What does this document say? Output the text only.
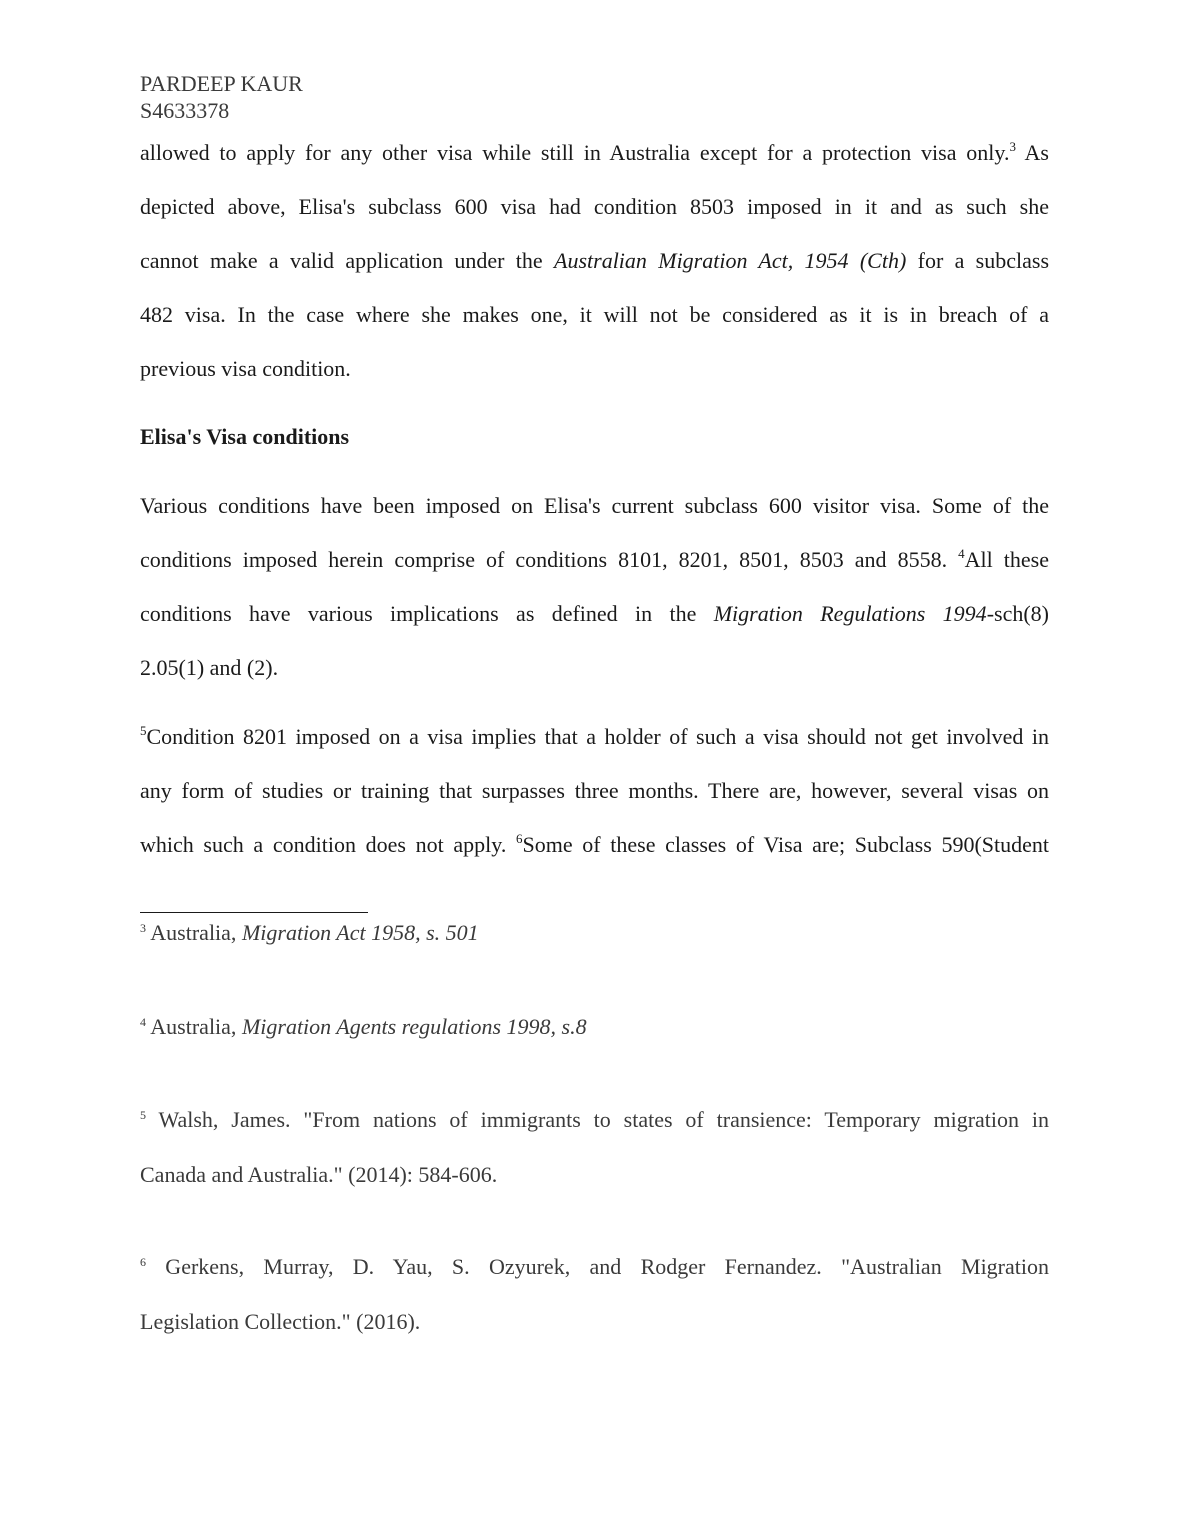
PARDEEP KAUR
S4633378
allowed to apply for any other visa while still in Australia except for a protection visa only.$^3$ As
depicted above, Elisa's subclass 600 visa had condition 8503 imposed in it and as such she
cannot make a valid application under the Australian Migration Act, 1954 (Cth) for a subclass
482 visa. In the case where she makes one, it will not be considered as it is in breach of a
previous visa condition.
Elisa's Visa conditions
Various conditions have been imposed on Elisa's current subclass 600 visitor visa. Some of the
conditions imposed herein comprise of conditions 8101, 8201, 8501, 8503 and 8558. $^4$All these
conditions have various implications as defined in the Migration Regulations 1994-sch(8)
2.05(1) and (2).
$^5$Condition 8201 imposed on a visa implies that a holder of such a visa should not get involved in
any form of studies or training that surpasses three months. There are, however, several visas on
which such a condition does not apply. $^6$Some of these classes of Visa are; Subclass 590(Student
$^3$ Australia, Migration Act 1958, s. 501
$^4$ Australia, Migration Agents regulations 1998, s.8
$^5$ Walsh, James. "From nations of immigrants to states of transience: Temporary migration in
Canada and Australia." (2014): 584-606.
$^6$ Gerkens, Murray, D. Yau, S. Ozyurek, and Rodger Fernandez. "Australian Migration
Legislation Collection." (2016).
